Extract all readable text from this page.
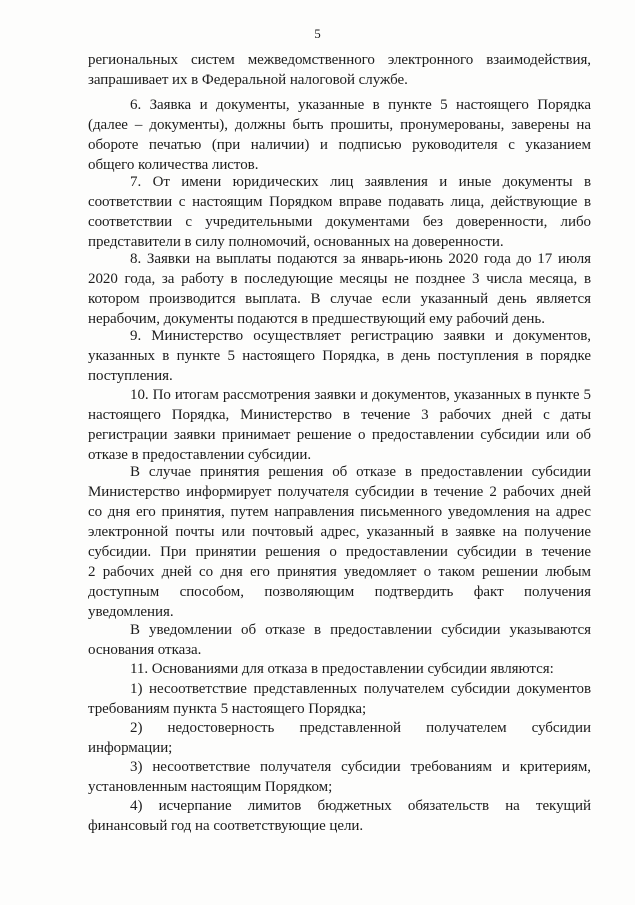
5
региональных систем межведомственного электронного взаимодействия,
запрашивает их в Федеральной налоговой службе.
6. Заявка и документы, указанные в пункте 5 настоящего Порядка
(далее – документы), должны быть прошиты, пронумерованы, заверены на
обороте печатью (при наличии) и подписью руководителя с указанием
общего количества листов.
7. От имени юридических лиц заявления и иные документы в
соответствии с настоящим Порядком вправе подавать лица, действующие в
соответствии с учредительными документами без доверенности, либо
представители в силу полномочий, основанных на доверенности.
8. Заявки на выплаты подаются за январь-июнь 2020 года до 17 июля
2020 года, за работу в последующие месяцы не позднее 3 числа месяца, в
котором производится выплата. В случае если указанный день является
нерабочим, документы подаются в предшествующий ему рабочий день.
9. Министерство осуществляет регистрацию заявки и документов,
указанных в пункте 5 настоящего Порядка, в день поступления в порядке
поступления.
10. По итогам рассмотрения заявки и документов, указанных в пункте 5
настоящего Порядка, Министерство в течение 3 рабочих дней с даты
регистрации заявки принимает решение о предоставлении субсидии или об
отказе в предоставлении субсидии.
В случае принятия решения об отказе в предоставлении субсидии
Министерство информирует получателя субсидии в течение 2 рабочих дней
со дня его принятия, путем направления письменного уведомления на адрес
электронной почты или почтовый адрес, указанный в заявке на получение
субсидии. При принятии решения о предоставлении субсидии в течение
2 рабочих дней со дня его принятия уведомляет о таком решении любым
доступным способом, позволяющим подтвердить факт получения
уведомления.
В уведомлении об отказе в предоставлении субсидии указываются
основания отказа.
11. Основаниями для отказа в предоставлении субсидии являются:
1) несоответствие представленных получателем субсидии документов
требованиям пункта 5 настоящего Порядка;
2) недостоверность представленной получателем субсидии
информации;
3) несоответствие получателя субсидии требованиям и критериям,
установленным настоящим Порядком;
4) исчерпание лимитов бюджетных обязательств на текущий
финансовый год на соответствующие цели.
